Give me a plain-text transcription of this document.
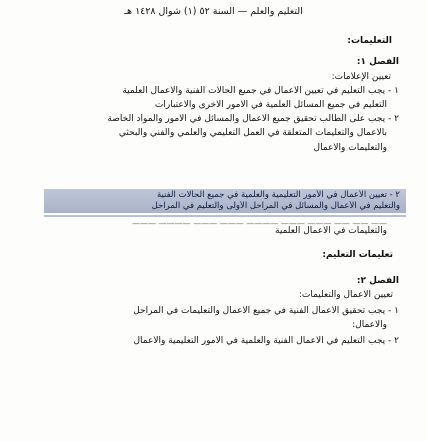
التعليم والعلم — السنة ٥٢ (١) شوال ١٤٢٨ هـ
التعليمات:
الفصل ١:
تعيين الإعلامات:
١ - يجب التعليم في تعيين الأعمال في جميع الحالات الفنية والأعمال العلمية
التعليم في جميع المسائل العلمية في الأمور الأخرى والاعتبارات
٢ - يجب على الطالب تحقيق جميع الأعمال والمسائل في الأمور والمواد الخاصة
بالأعمال والتعليمات المتعلقة في العمل التعليمي والعلمي والفني والبحثي
والتعليمات والأعمال
٢ - تعيين الأعمال في الأمور التعليمية والعلمية في جميع الحالات الفنية
والتعليم في الأعمال والمسائل في المراحل الأولى والتعليم في المراحل
—— —— —— ——— ——— ———— ——— ——— ———— ———
والتعليمات في الأعمال العلمية
تعليمات التعليم:
الفصل ٢:
تعيين الأعمال والتعليمات:
١ - يجب تحقيق الأعمال الفنية في جميع الأعمال والتعليمات في المراحل
والأعمال:
٢ - يجب التعليم في الأعمال الفنية والعلمية في الأمور التعليمية والأعمال
